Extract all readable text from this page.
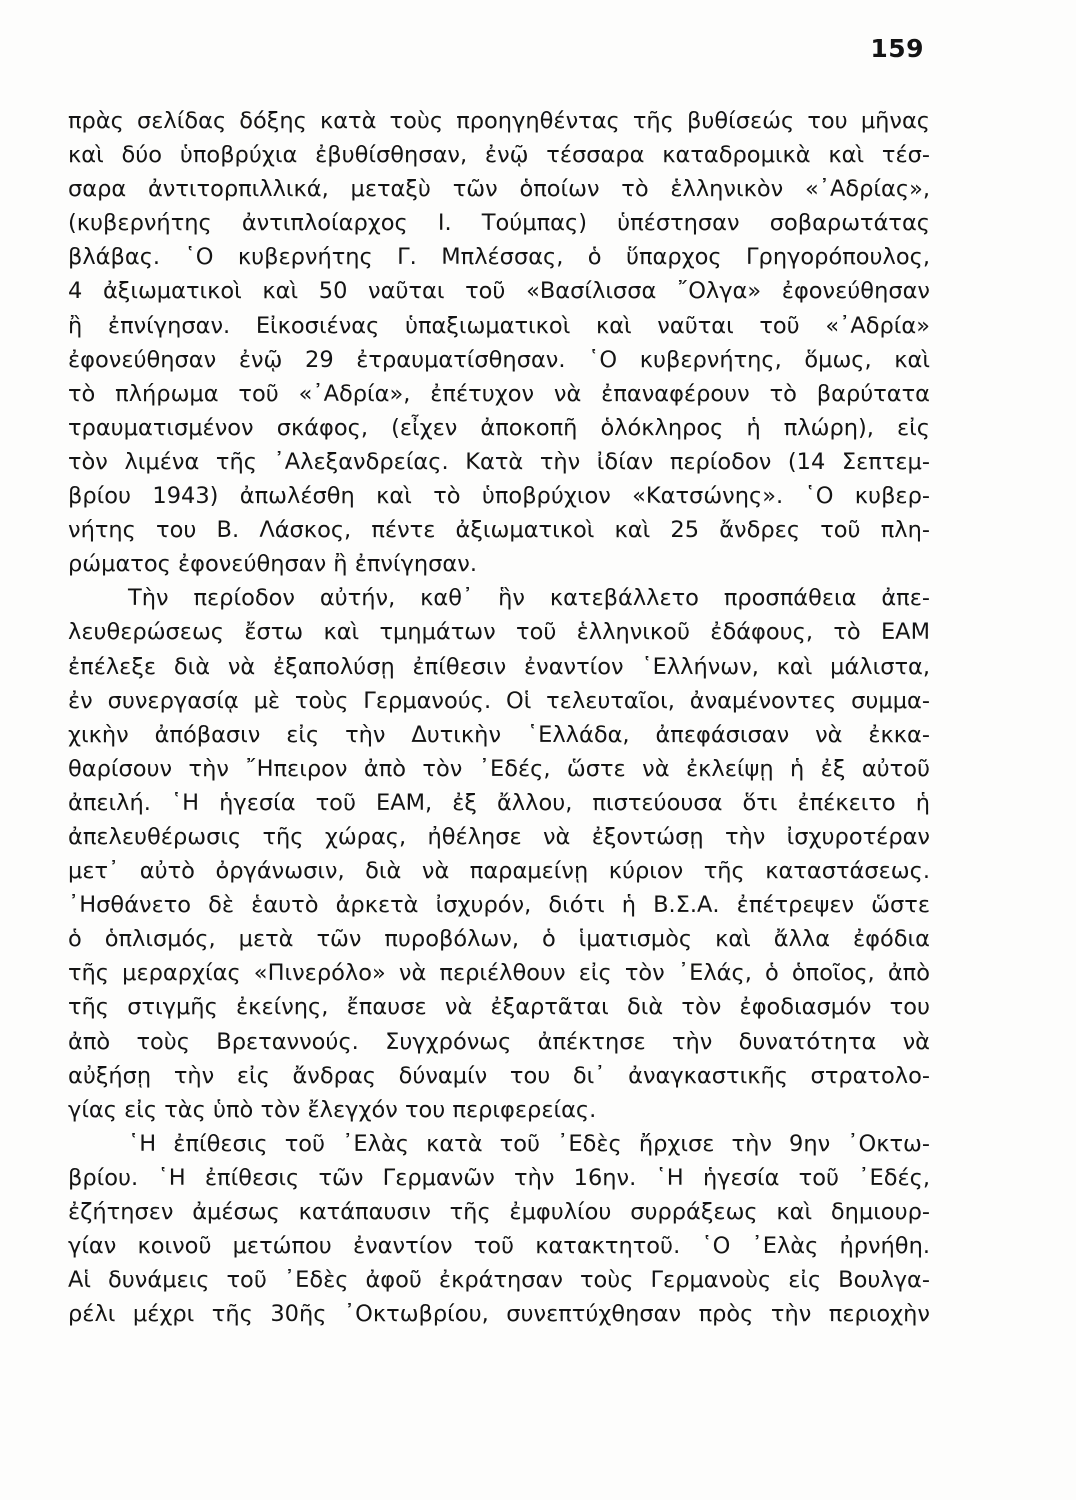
159
πρὰς σελίδας δόξης κατὰ τοὺς προηγηθέντας τῆς βυθίσεώς του μῆνας
καὶ δύο ὑποβρύχια ἐβυθίσθησαν, ἐνῷ τέσσαρα καταδρομικὰ καὶ τέσ-
σαρα ἀντιτορπιλλικά, μεταξὺ τῶν ὁποίων τὸ ἑλληνικὸν «᾿Αδρίας»,
(κυβερνήτης ἀντιπλοίαρχος Ι. Τούμπας) ὑπέστησαν σοβαρωτάτας
βλάβας. ῾Ο κυβερνήτης Γ. Μπλέσσας, ὁ ὕπαρχος Γρηγορόπουλος,
4 ἀξιωματικοὶ καὶ 50 ναῦται τοῦ «Βασίλισσα ῎Ολγα» ἐφονεύθησαν
ἢ ἐπνίγησαν. Εἰκοσιένας ὑπαξιωματικοὶ καὶ ναῦται τοῦ «᾿Αδρία»
ἐφονεύθησαν ἐνῷ 29 ἐτραυματίσθησαν. ῾Ο κυβερνήτης, ὅμως, καὶ
τὸ πλήρωμα τοῦ «᾿Αδρία», ἐπέτυχον νὰ ἐπαναφέρουν τὸ βαρύτατα
τραυματισμένον σκάφος, (εἶχεν ἀποκοπῆ ὁλόκληρος ἡ πλώρη), εἰς
τὸν λιμένα τῆς ᾿Αλεξανδρείας. Κατὰ τὴν ἰδίαν περίοδον (14 Σεπτεμ-
βρίου 1943) ἀπωλέσθη καὶ τὸ ὑποβρύχιον «Κατσώνης». ῾Ο κυβερ-
νήτης του Β. Λάσκος, πέντε ἀξιωματικοὶ καὶ 25 ἄνδρες τοῦ πλη-
ρώματος ἐφονεύθησαν ἢ ἐπνίγησαν.
Τὴν περίοδον αὐτήν, καθ᾿ ἣν κατεβάλλετο προσπάθεια ἀπε-
λευθερώσεως ἔστω καὶ τμημάτων τοῦ ἑλληνικοῦ ἐδάφους, τὸ ΕΑΜ
ἐπέλεξε διὰ νὰ ἐξαπολύσῃ ἐπίθεσιν ἐναντίον ῾Ελλήνων, καὶ μάλιστα,
ἐν συνεργασίᾳ μὲ τοὺς Γερμανούς. Οἱ τελευταῖοι, ἀναμένοντες συμμα-
χικὴν ἀπόβασιν εἰς τὴν Δυτικὴν ῾Ελλάδα, ἀπεφάσισαν νὰ ἐκκα-
θαρίσουν τὴν ῎Ηπειρον ἀπὸ τὸν ᾿Εδές, ὥστε νὰ ἐκλείψῃ ἡ ἐξ αὐτοῦ
ἀπειλή. ῾Η ἡγεσία τοῦ ΕΑΜ, ἐξ ἄλλου, πιστεύουσα ὅτι ἐπέκειτο ἡ
ἀπελευθέρωσις τῆς χώρας, ἠθέλησε νὰ ἐξοντώσῃ τὴν ἰσχυροτέραν
μετ᾿ αὐτὸ ὀργάνωσιν, διὰ νὰ παραμείνῃ κύριον τῆς καταστάσεως.
᾿Ησθάνετο δὲ ἑαυτὸ ἀρκετὰ ἰσχυρόν, διότι ἡ Β.Σ.Α. ἐπέτρεψεν ὥστε
ὁ ὁπλισμός, μετὰ τῶν πυροβόλων, ὁ ἱματισμὸς καὶ ἄλλα ἐφόδια
τῆς μεραρχίας «Πινερόλο» νὰ περιέλθουν εἰς τὸν ᾿Ελάς, ὁ ὁποῖος, ἀπὸ
τῆς στιγμῆς ἐκείνης, ἔπαυσε νὰ ἐξαρτᾶται διὰ τὸν ἐφοδιασμόν του
ἀπὸ τοὺς Βρεταννούς. Συγχρόνως ἀπέκτησε τὴν δυνατότητα νὰ
αὐξήσῃ τὴν εἰς ἄνδρας δύναμίν του δι᾿ ἀναγκαστικῆς στρατολο-
γίας εἰς τὰς ὑπὸ τὸν ἔλεγχόν του περιφερείας.
῾Η ἐπίθεσις τοῦ ᾿Ελὰς κατὰ τοῦ ᾿Εδὲς ἤρχισε τὴν 9ην ᾿Οκτω-
βρίου. ῾Η ἐπίθεσις τῶν Γερμανῶν τὴν 16ην. ῾Η ἡγεσία τοῦ ᾿Εδές,
ἐζήτησεν ἀμέσως κατάπαυσιν τῆς ἐμφυλίου συρράξεως καὶ δημιουρ-
γίαν κοινοῦ μετώπου ἐναντίον τοῦ κατακτητοῦ. ῾Ο ᾿Ελὰς ἠρνήθη.
Αἱ δυνάμεις τοῦ ᾿Εδὲς ἀφοῦ ἐκράτησαν τοὺς Γερμανοὺς εἰς Βουλγα-
ρέλι μέχρι τῆς 30ῆς ᾿Οκτωβρίου, συνεπτύχθησαν πρὸς τὴν περιοχὴν
